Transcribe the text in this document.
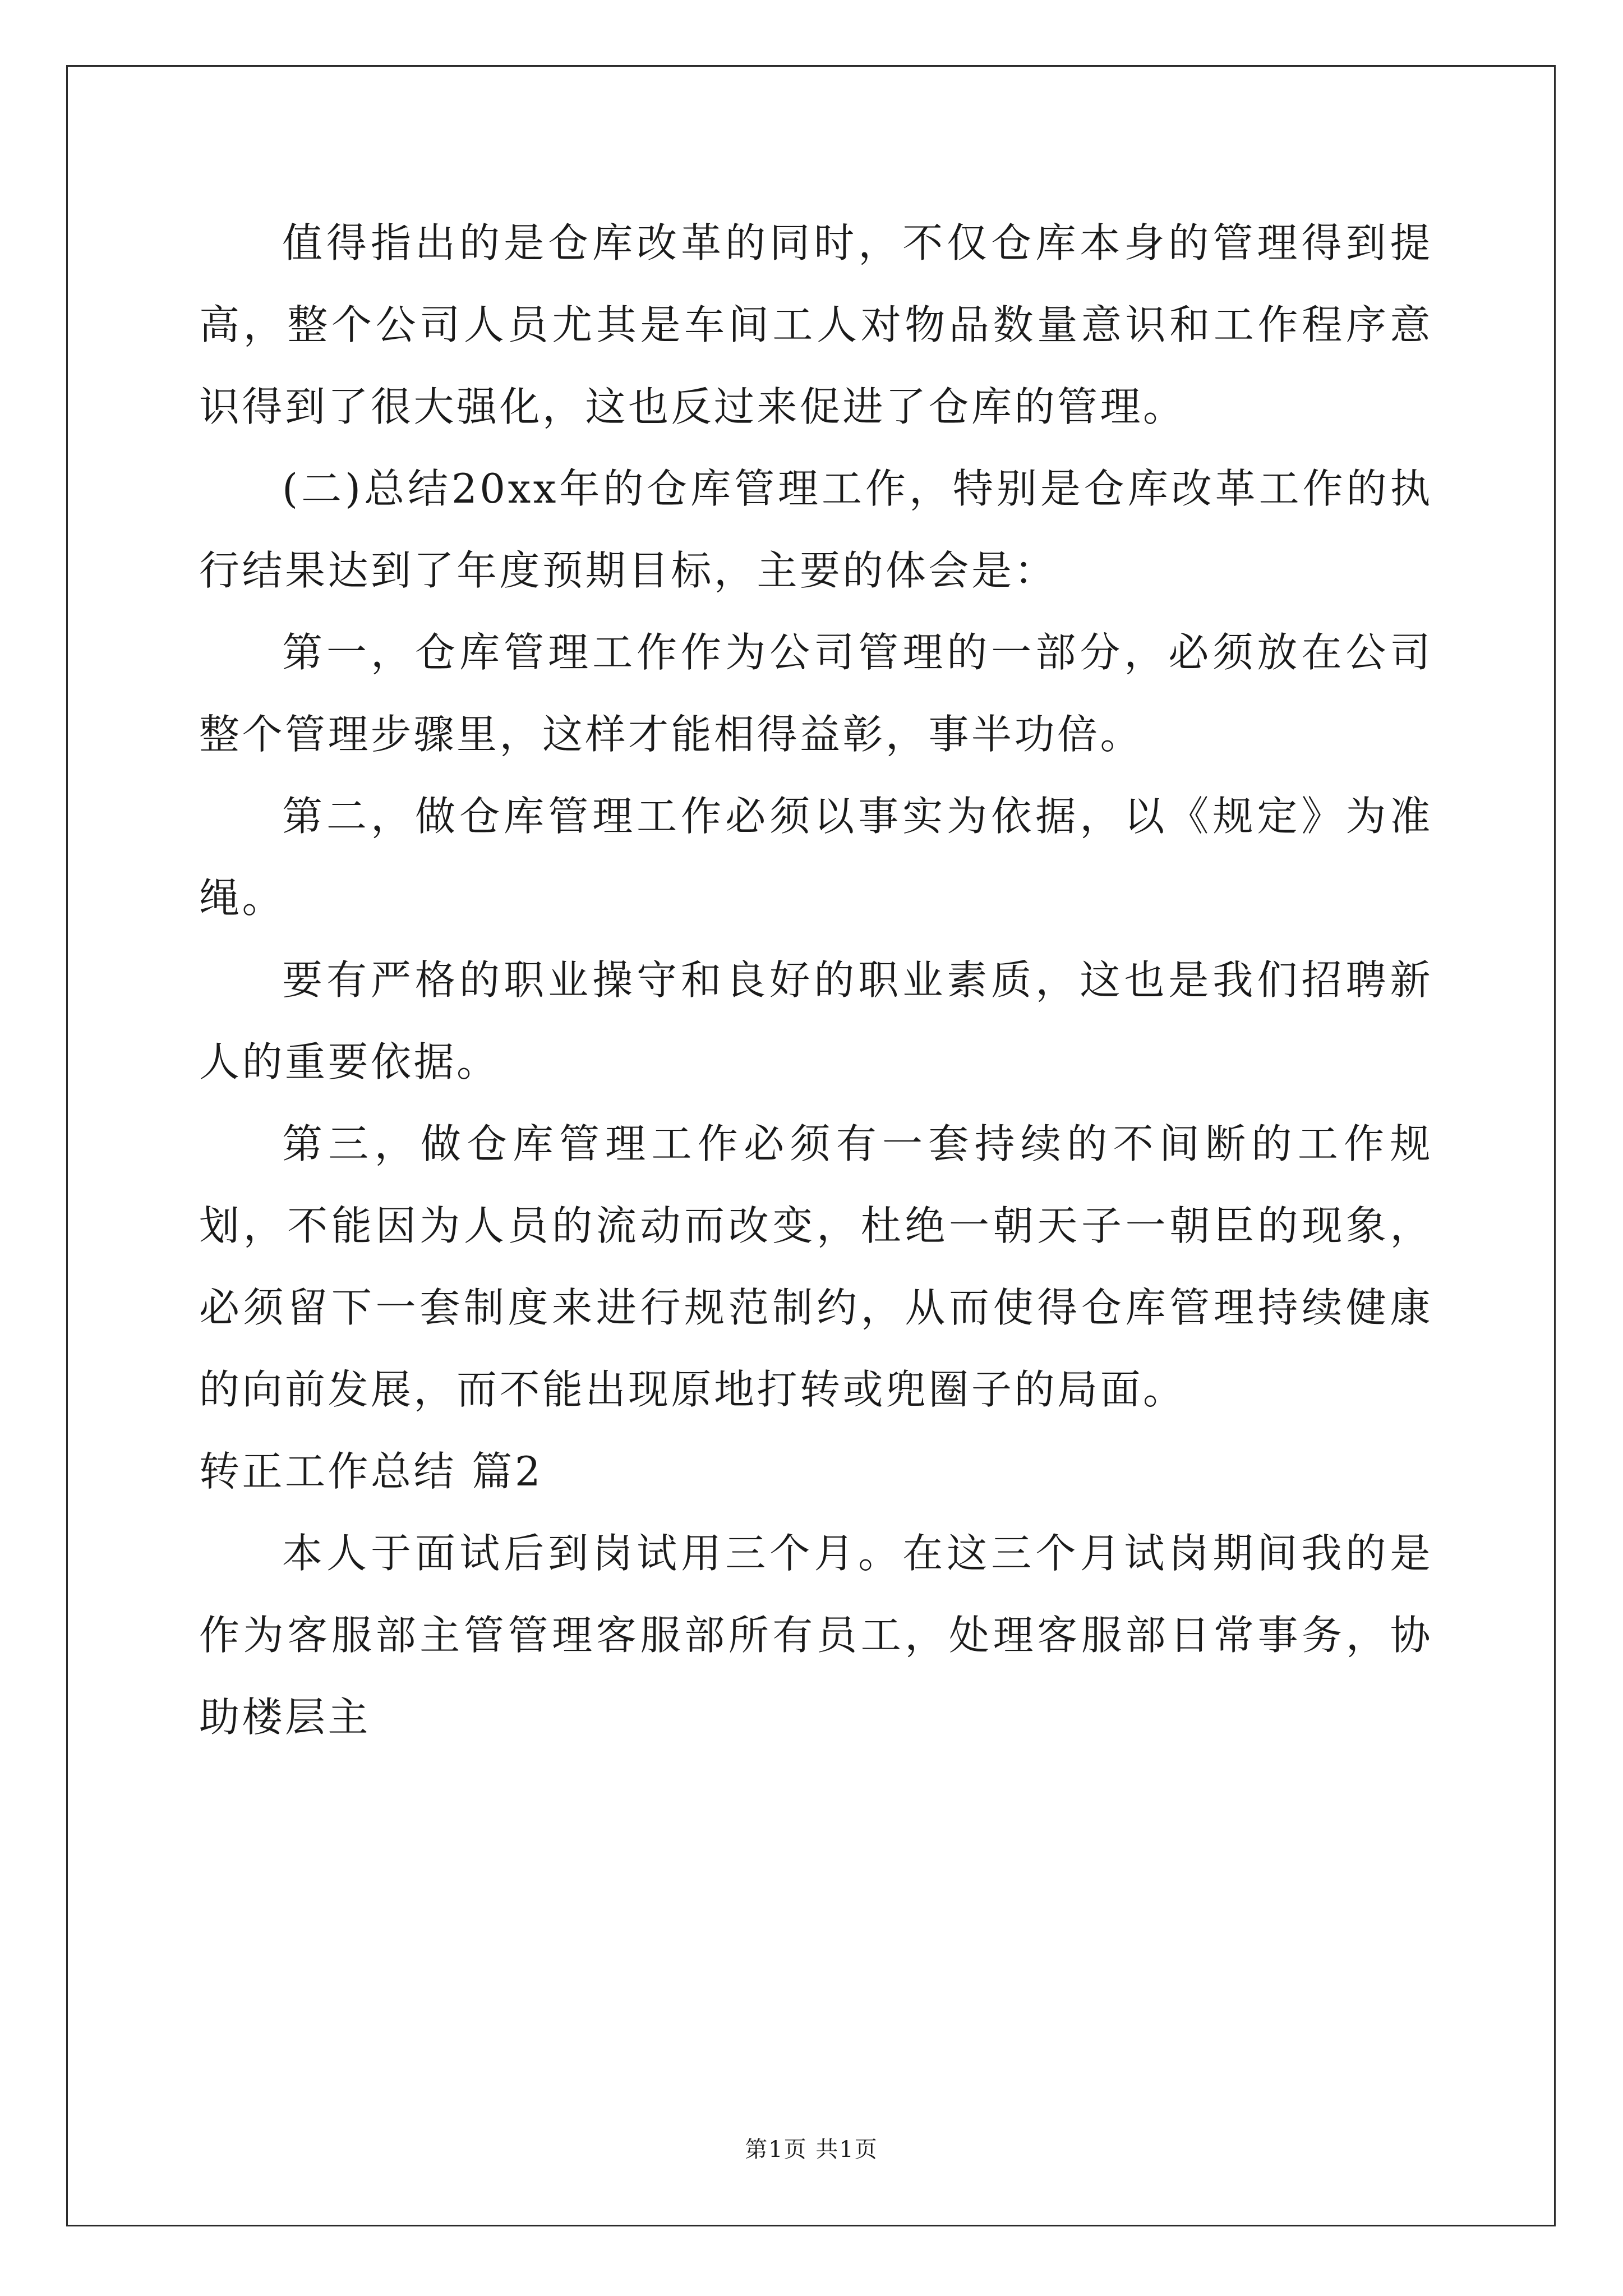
值得指出的是仓库改革的同时，不仅仓库本身的管理得到提高，整个公司人员尤其是车间工人对物品数量意识和工作程序意识得到了很大强化，这也反过来促进了仓库的管理。

(二)总结20xx年的仓库管理工作，特别是仓库改革工作的执行结果达到了年度预期目标，主要的体会是：

第一，仓库管理工作作为公司管理的一部分，必须放在公司整个管理步骤里，这样才能相得益彰，事半功倍。

第二，做仓库管理工作必须以事实为依据，以《规定》为准绳。

要有严格的职业操守和良好的职业素质，这也是我们招聘新人的重要依据。

第三，做仓库管理工作必须有一套持续的不间断的工作规划，不能因为人员的流动而改变，杜绝一朝天子一朝臣的现象，必须留下一套制度来进行规范制约，从而使得仓库管理持续健康的向前发展，而不能出现原地打转或兜圈子的局面。

转正工作总结 篇2

本人于面试后到岗试用三个月。在这三个月试岗期间我的是作为客服部主管管理客服部所有员工，处理客服部日常事务，协助楼层主

第1页 共1页
